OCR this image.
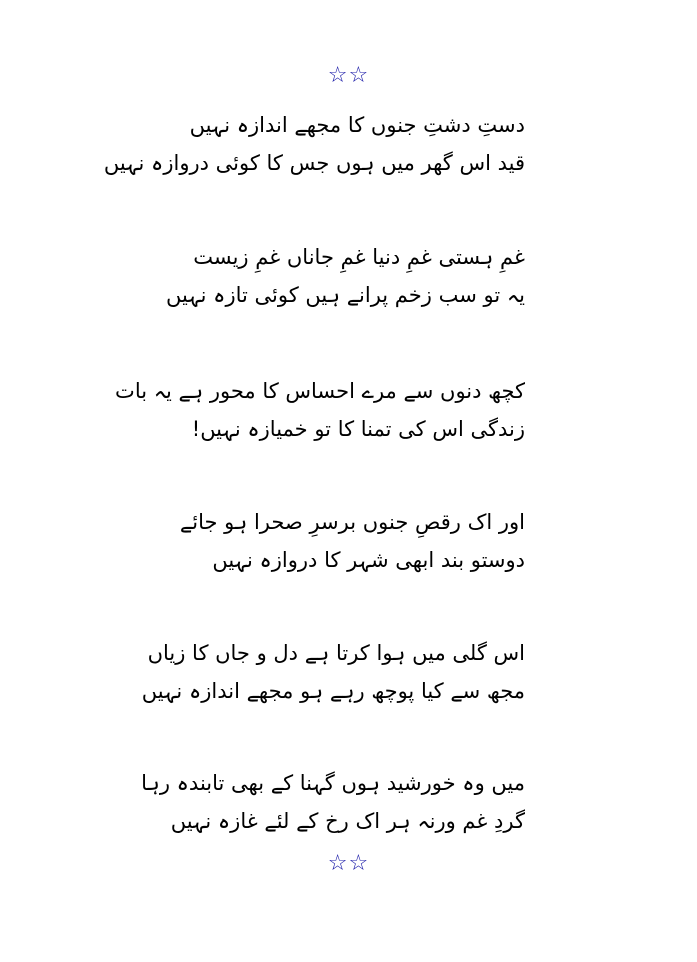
☆☆
دستِ دشتِ جنوں کا مجھے اندازہ نہیں
قید اس گھر میں ہوں جس کا کوئی دروازہ نہیں
غمِ ہستی غمِ دنیا غمِ جاناں غمِ زیست
یہ تو سب زخم پرانے ہیں کوئی تازہ نہیں
کچھ دنوں سے مرے احساس کا محور ہے یہ بات
زندگی اس کی تمنا کا تو خمیازہ نہیں!
اور اک رقصِ جنوں برسرِ صحرا ہو جائے
دوستو بند ابھی شہر کا دروازہ نہیں
اس گلی میں ہوا کرتا ہے دل و جاں کا زیاں
مجھ سے کیا پوچھ رہے ہو مجھے اندازہ نہیں
میں وہ خورشید ہوں گہنا کے بھی تابندہ رہا
گردِ غم ورنہ ہر اک رخ کے لئے غازہ نہیں
☆☆
